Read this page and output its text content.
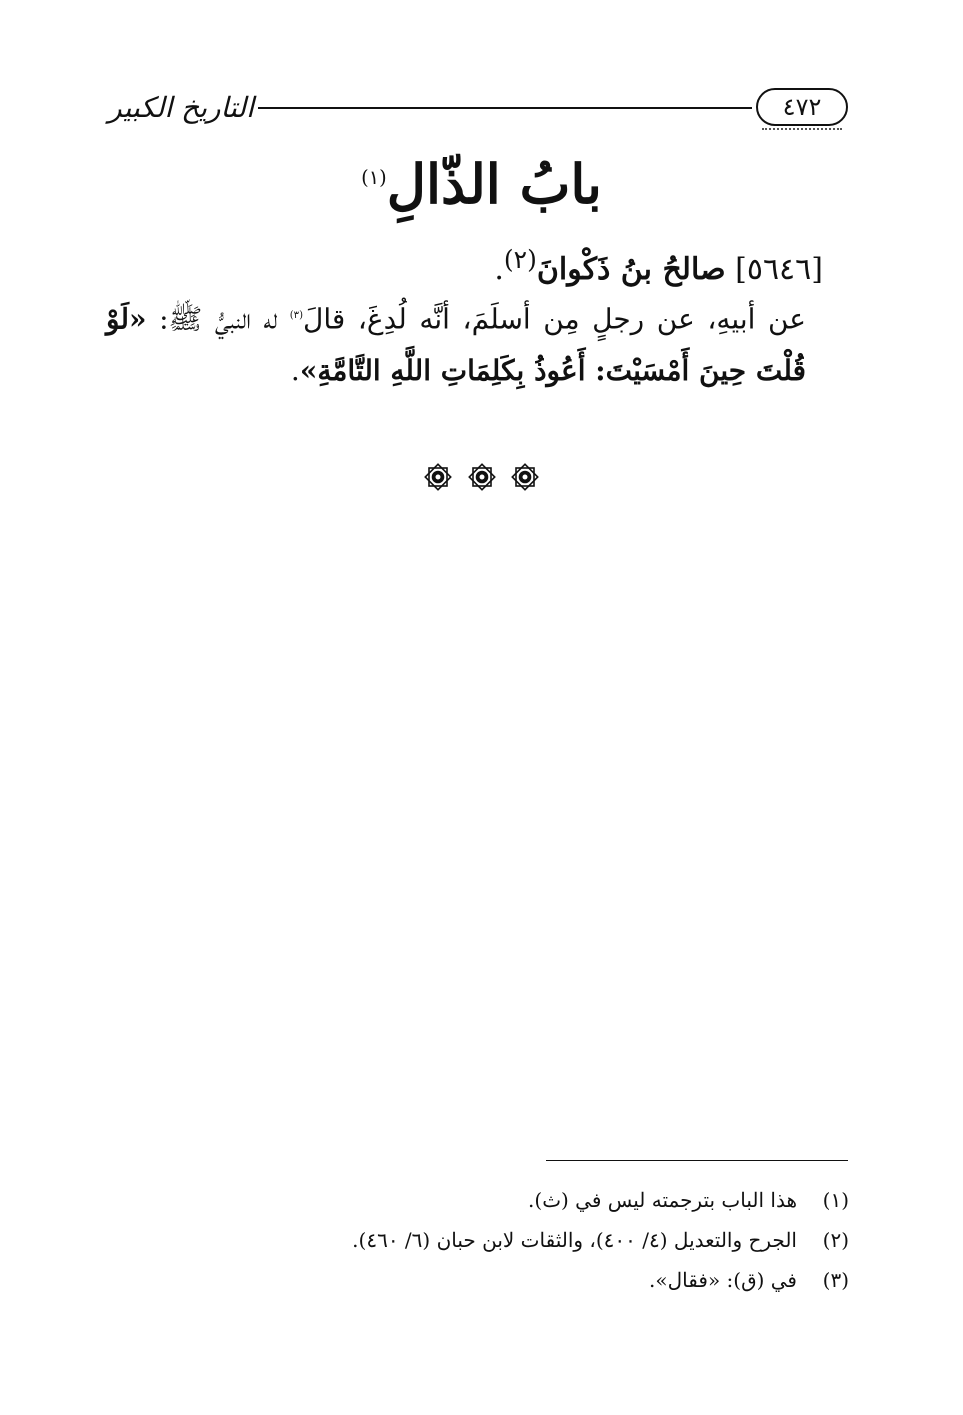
التاريخ الكبير	٤٧٢
بابُ الذّالِ$^{(١)}$
[٥٦٤٦] صالحُ بنُ ذَكْوانَ$^{(٢)}$.
عن أبيهِ، عن رجلٍ مِن أسلَمَ، أنَّه لُدِغَ، قالَ$^{(٣)}$ له النبيُّ ﷺ: «لَوْ قُلْتَ حِينَ أَمْسَيْتَ: أَعُوذُ بِكَلِمَاتِ اللَّهِ التَّامَّةِ».

(١)
هذا الباب بترجمته ليس في (ث).
(٢)
الجرح والتعديل (٤/ ٤٠٠)، والثقات لابن حبان (٦/ ٤٦٠).
(٣)
في (ق): «فقال».
